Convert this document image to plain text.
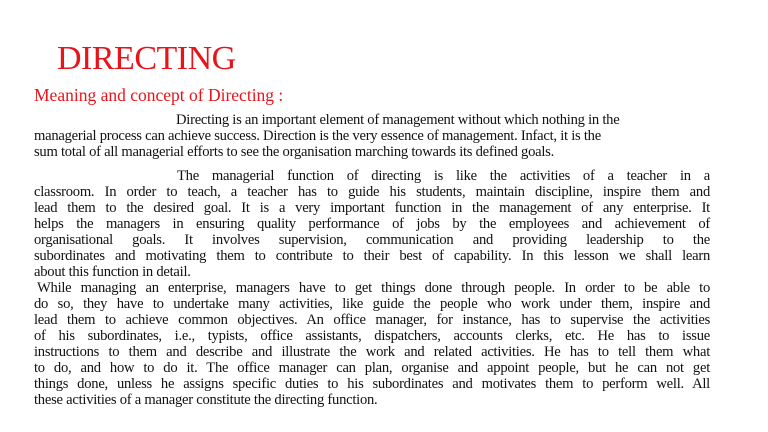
DIRECTING
Meaning and concept of Directing :
Directing is an important element of management without which nothing in the
managerial process can achieve success. Direction is the very essence of management. Infact, it is the
sum total of all managerial efforts to see the organisation marching towards its defined goals.
The managerial function of directing is like the activities of a teacher in a
classroom. In order to teach, a teacher has to guide his students, maintain discipline, inspire them and
lead them to the desired goal. It is a very important function in the management of any enterprise. It
helps the managers in ensuring quality performance of jobs by the employees and achievement of
organisational goals. It involves supervision, communication and providing leadership to the
subordinates and motivating them to contribute to their best of capability. In this lesson we shall learn
about this function in detail.
While managing an enterprise, managers have to get things done through people. In order to be able to
do so, they have to undertake many activities, like guide the people who work under them, inspire and
lead them to achieve common objectives. An office manager, for instance, has to supervise the activities
of his subordinates, i.e., typists, office assistants, dispatchers, accounts clerks, etc. He has to issue
instructions to them and describe and illustrate the work and related activities. He has to tell them what
to do, and how to do it. The office manager can plan, organise and appoint people, but he can not get
things done, unless he assigns specific duties to his subordinates and motivates them to perform well. All
these activities of a manager constitute the directing function.
